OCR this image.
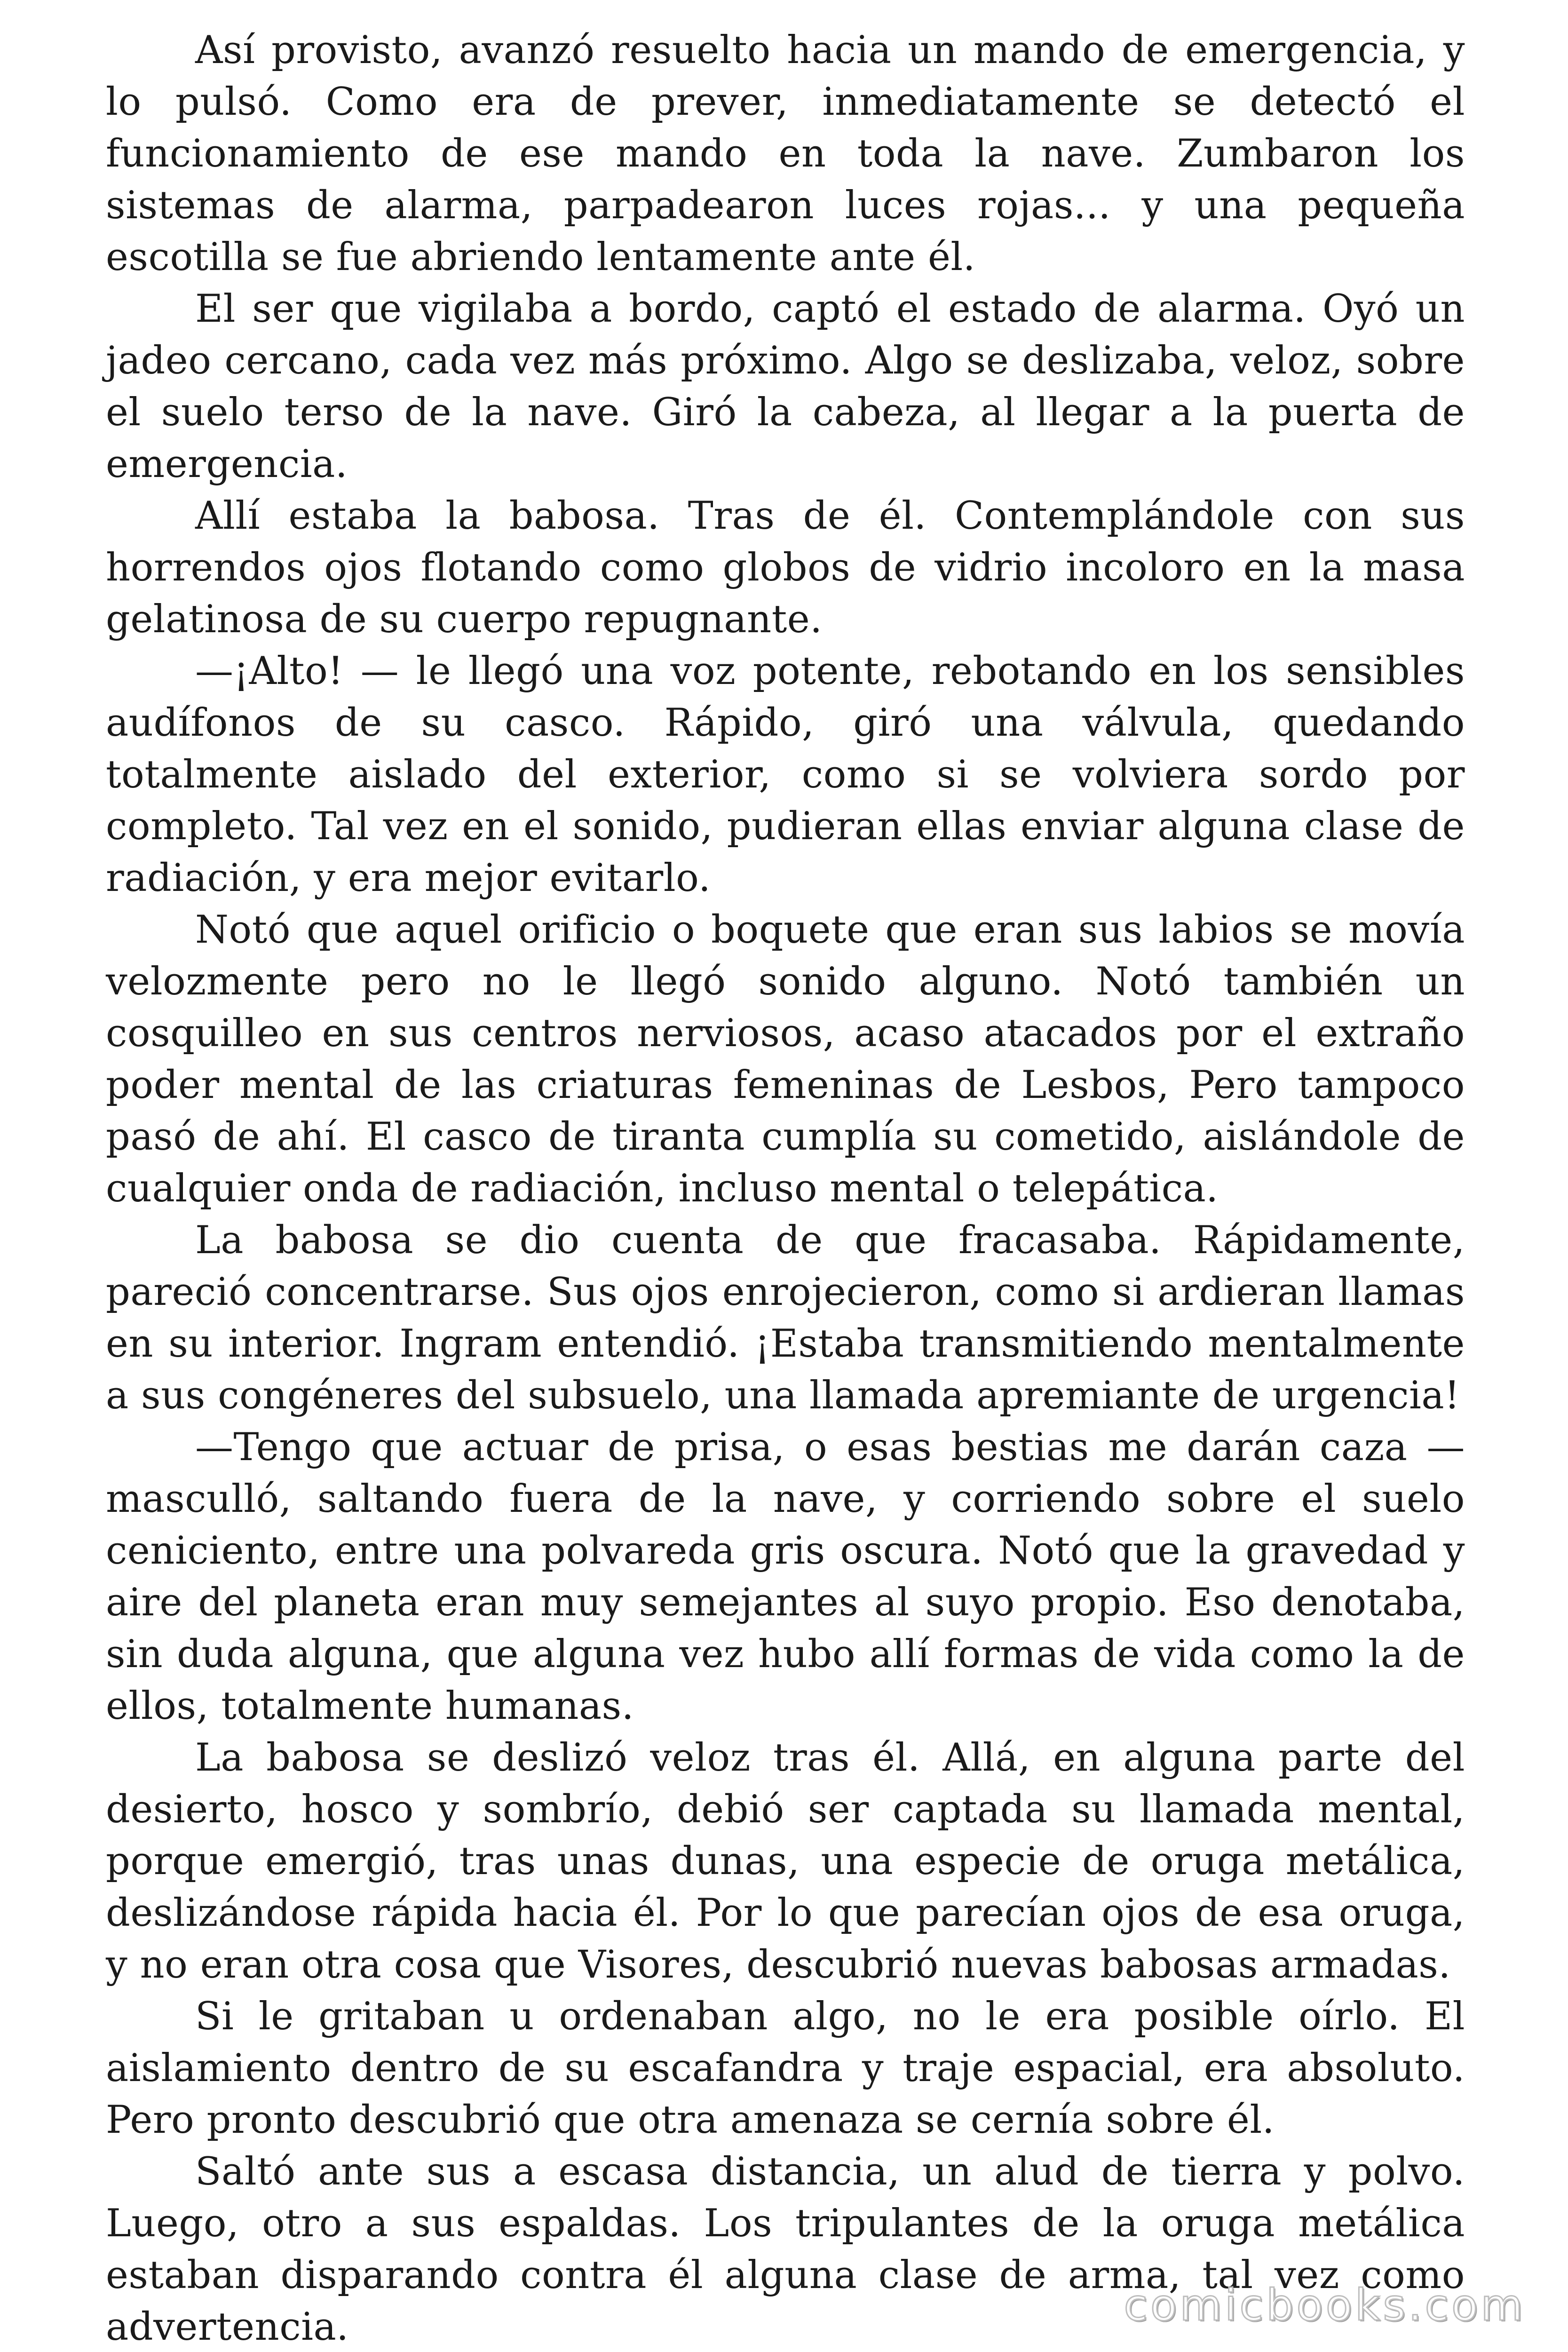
Así provisto, avanzó resuelto hacia un mando de emergencia, y lo pulsó. Como era de prever, inmediatamente se detectó el funcionamiento de ese mando en toda la nave. Zumbaron los sistemas de alarma, parpadearon luces rojas... y una pequeña escotilla se fue abriendo lentamente ante él.

El ser que vigilaba a bordo, captó el estado de alarma. Oyó un jadeo cercano, cada vez más próximo. Algo se deslizaba, veloz, sobre el suelo terso de la nave. Giró la cabeza, al llegar a la puerta de emergencia.

Allí estaba la babosa. Tras de él. Contemplándole con sus horrendos ojos flotando como globos de vidrio incoloro en la masa gelatinosa de su cuerpo repugnante.

—¡Alto! — le llegó una voz potente, rebotando en los sensibles audífonos de su casco. Rápido, giró una válvula, quedando totalmente aislado del exterior, como si se volviera sordo por completo. Tal vez en el sonido, pudieran ellas enviar alguna clase de radiación, y era mejor evitarlo.

Notó que aquel orificio o boquete que eran sus labios se movía velozmente pero no le llegó sonido alguno. Notó también un cosquilleo en sus centros nerviosos, acaso atacados por el extraño poder mental de las criaturas femeninas de Lesbos, Pero tampoco pasó de ahí. El casco de tiranta cumplía su cometido, aislándole de cualquier onda de radiación, incluso mental o telepática.

La babosa se dio cuenta de que fracasaba. Rápidamente, pareció concentrarse. Sus ojos enrojecieron, como si ardieran llamas en su interior. Ingram entendió. ¡Estaba transmitiendo mentalmente a sus congéneres del subsuelo, una llamada apremiante de urgencia!

—Tengo que actuar de prisa, o esas bestias me darán caza — mascullό, saltando fuera de la nave, y corriendo sobre el suelo ceniciento, entre una polvareda gris oscura. Notó que la gravedad y aire del planeta eran muy semejantes al suyo propio. Eso denotaba, sin duda alguna, que alguna vez hubo allí formas de vida como la de ellos, totalmente humanas.

La babosa se deslizó veloz tras él. Allá, en alguna parte del desierto, hosco y sombrío, debió ser captada su llamada mental, porque emergió, tras unas dunas, una especie de oruga metálica, deslizándose rápida hacia él. Por lo que parecían ojos de esa oruga, y no eran otra cosa que Visores, descubrió nuevas babosas armadas.

Si le gritaban u ordenaban algo, no le era posible oírlo. El aislamiento dentro de su escafandra y traje espacial, era absoluto. Pero pronto descubrió que otra amenaza se cernía sobre él.

Saltó ante sus a escasa distancia, un alud de tierra y polvo. Luego, otro a sus espaldas. Los tripulantes de la oruga metálica estaban disparando contra él alguna clase de arma, tal vez como advertencia.	comicbooks.com
